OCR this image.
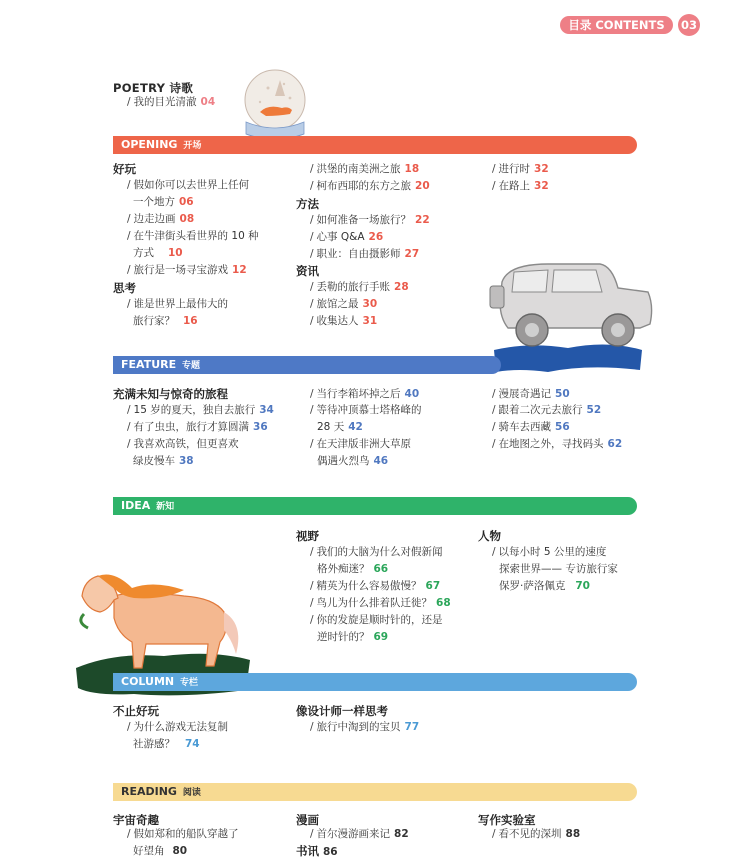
目录 CONTENTS	03
POETRY 诗歌
/ 我的目光清澈 04
OPENING 开场
好玩
/ 假如你可以去世界上任何
一个地方 06
/ 边走边画 08
/ 在牛津街头看世界的 10 种
方式 10
/ 旅行是一场寻宝游戏 12
思考
/ 谁是世界上最伟大的
旅行家？ 16
/ 洪堡的南美洲之旅 18
/ 柯布西耶的东方之旅 20
方法
/ 如何准备一场旅行？ 22
/ 心事 Q&A 26
/ 职业：自由摄影师 27
资讯
/ 丢勒的旅行手账 28
/ 旅馆之最 30
/ 收集达人 31
/ 进行时 32
/ 在路上 32
FEATURE 专题
充满未知与惊奇的旅程
/ 15 岁的夏天，独自去旅行 34
/ 有了虫虫，旅行才算圆满 36
/ 我喜欢高铁，但更喜欢
绿皮慢车 38
/ 当行李箱坏掉之后 40
/ 等待冲顶慕士塔格峰的
28 天 42
/ 在天津版非洲大草原
偶遇火烈鸟 46
/ 漫展奇遇记 50
/ 跟着二次元去旅行 52
/ 骑车去西藏 56
/ 在地图之外，寻找码头 62
IDEA 新知
视野
/ 我们的大脑为什么对假新闻
格外痴迷？ 66
/ 精英为什么容易傲慢？ 67
/ 鸟儿为什么排着队迁徙？ 68
/ 你的发旋是顺时针的，还是
逆时针的？ 69
人物
/ 以每小时 5 公里的速度
探索世界—— 专访旅行家
保罗·萨洛佩克 70
COLUMN 专栏
不止好玩
/ 为什么游戏无法复制
社游感？ 74
像设计师一样思考
/ 旅行中淘到的宝贝 77
READING 阅读
宇宙奇趣
/ 假如郑和的船队穿越了
好望角 80
漫画
/ 首尔漫游画来记 82
书讯 86
写作实验室
/ 看不见的深圳 88
